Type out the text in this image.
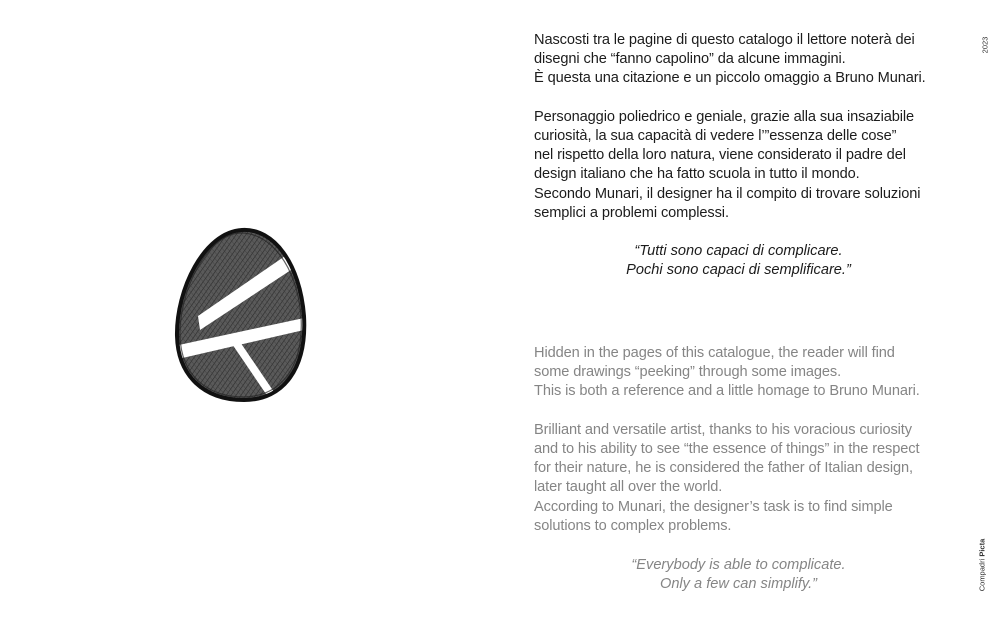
Nascosti tra le pagine di questo catalogo il lettore noterà dei
disegni che “fanno capolino” da alcune immagini.
È questa una citazione e un piccolo omaggio a Bruno Munari.

Personaggio poliedrico e geniale, grazie alla sua insaziabile
curiosità, la sua capacità di vedere l’”essenza delle cose”
nel rispetto della loro natura, viene considerato il padre del
design italiano che ha fatto scuola in tutto il mondo.
Secondo Munari, il designer ha il compito di trovare soluzioni
semplici a problemi complessi.

“Tutti sono capaci di complicare.
Pochi sono capaci di semplificare.”

Hidden in the pages of this catalogue, the reader will find
some drawings “peeking” through some images.
This is both a reference and a little homage to Bruno Munari.

Brilliant and versatile artist, thanks to his voracious curiosity
and to his ability to see “the essence of things” in the respect
for their nature, he is considered the father of Italian design,
later taught all over the world.
According to Munari, the designer’s task is to find simple
solutions to complex problems.

“Everybody is able to complicate.
Only a few can simplify.”

2023
Compadri Picta
